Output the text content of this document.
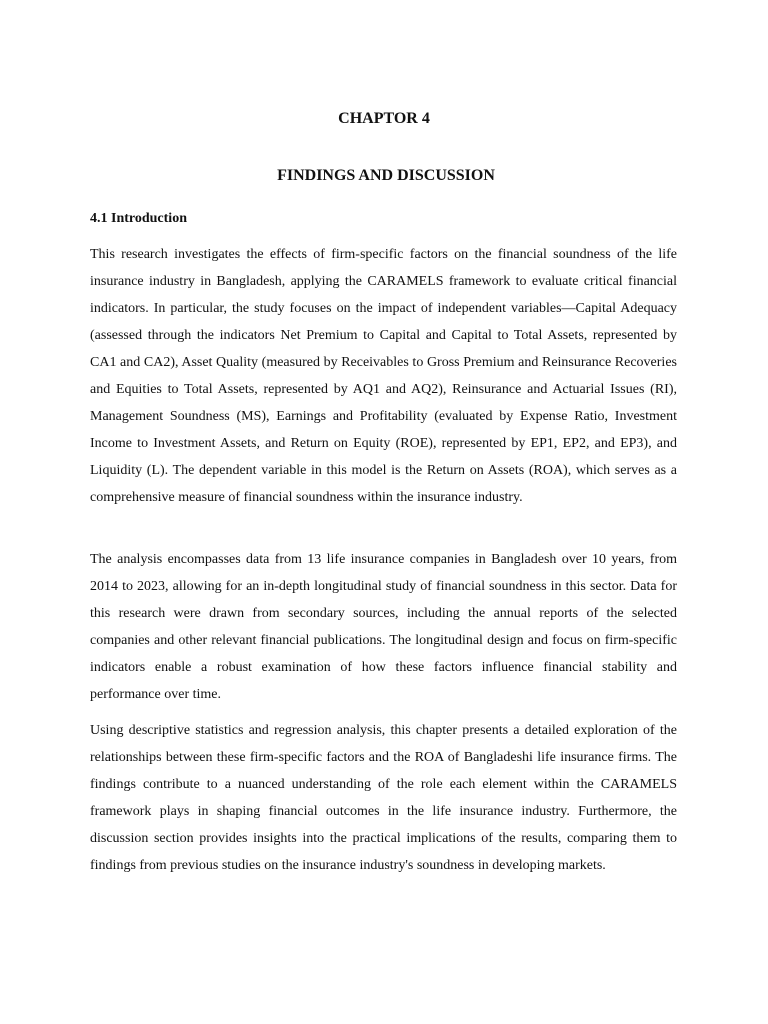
CHAPTOR 4
FINDINGS AND DISCUSSION
4.1 Introduction

This research investigates the effects of firm-specific factors on the financial soundness of the life insurance industry in Bangladesh, applying the CARAMELS framework to evaluate critical financial indicators. In particular, the study focuses on the impact of independent variables—Capital Adequacy (assessed through the indicators Net Premium to Capital and Capital to Total Assets, represented by CA1 and CA2), Asset Quality (measured by Receivables to Gross Premium and Reinsurance Recoveries and Equities to Total Assets, represented by AQ1 and AQ2), Reinsurance and Actuarial Issues (RI), Management Soundness (MS), Earnings and Profitability (evaluated by Expense Ratio, Investment Income to Investment Assets, and Return on Equity (ROE), represented by EP1, EP2, and EP3), and Liquidity (L). The dependent variable in this model is the Return on Assets (ROA), which serves as a comprehensive measure of financial soundness within the insurance industry.

The analysis encompasses data from 13 life insurance companies in Bangladesh over 10 years, from 2014 to 2023, allowing for an in-depth longitudinal study of financial soundness in this sector. Data for this research were drawn from secondary sources, including the annual reports of the selected companies and other relevant financial publications. The longitudinal design and focus on firm-specific indicators enable a robust examination of how these factors influence financial stability and performance over time.

Using descriptive statistics and regression analysis, this chapter presents a detailed exploration of the relationships between these firm-specific factors and the ROA of Bangladeshi life insurance firms. The findings contribute to a nuanced understanding of the role each element within the CARAMELS framework plays in shaping financial outcomes in the life insurance industry. Furthermore, the discussion section provides insights into the practical implications of the results, comparing them to findings from previous studies on the insurance industry's soundness in developing markets.
